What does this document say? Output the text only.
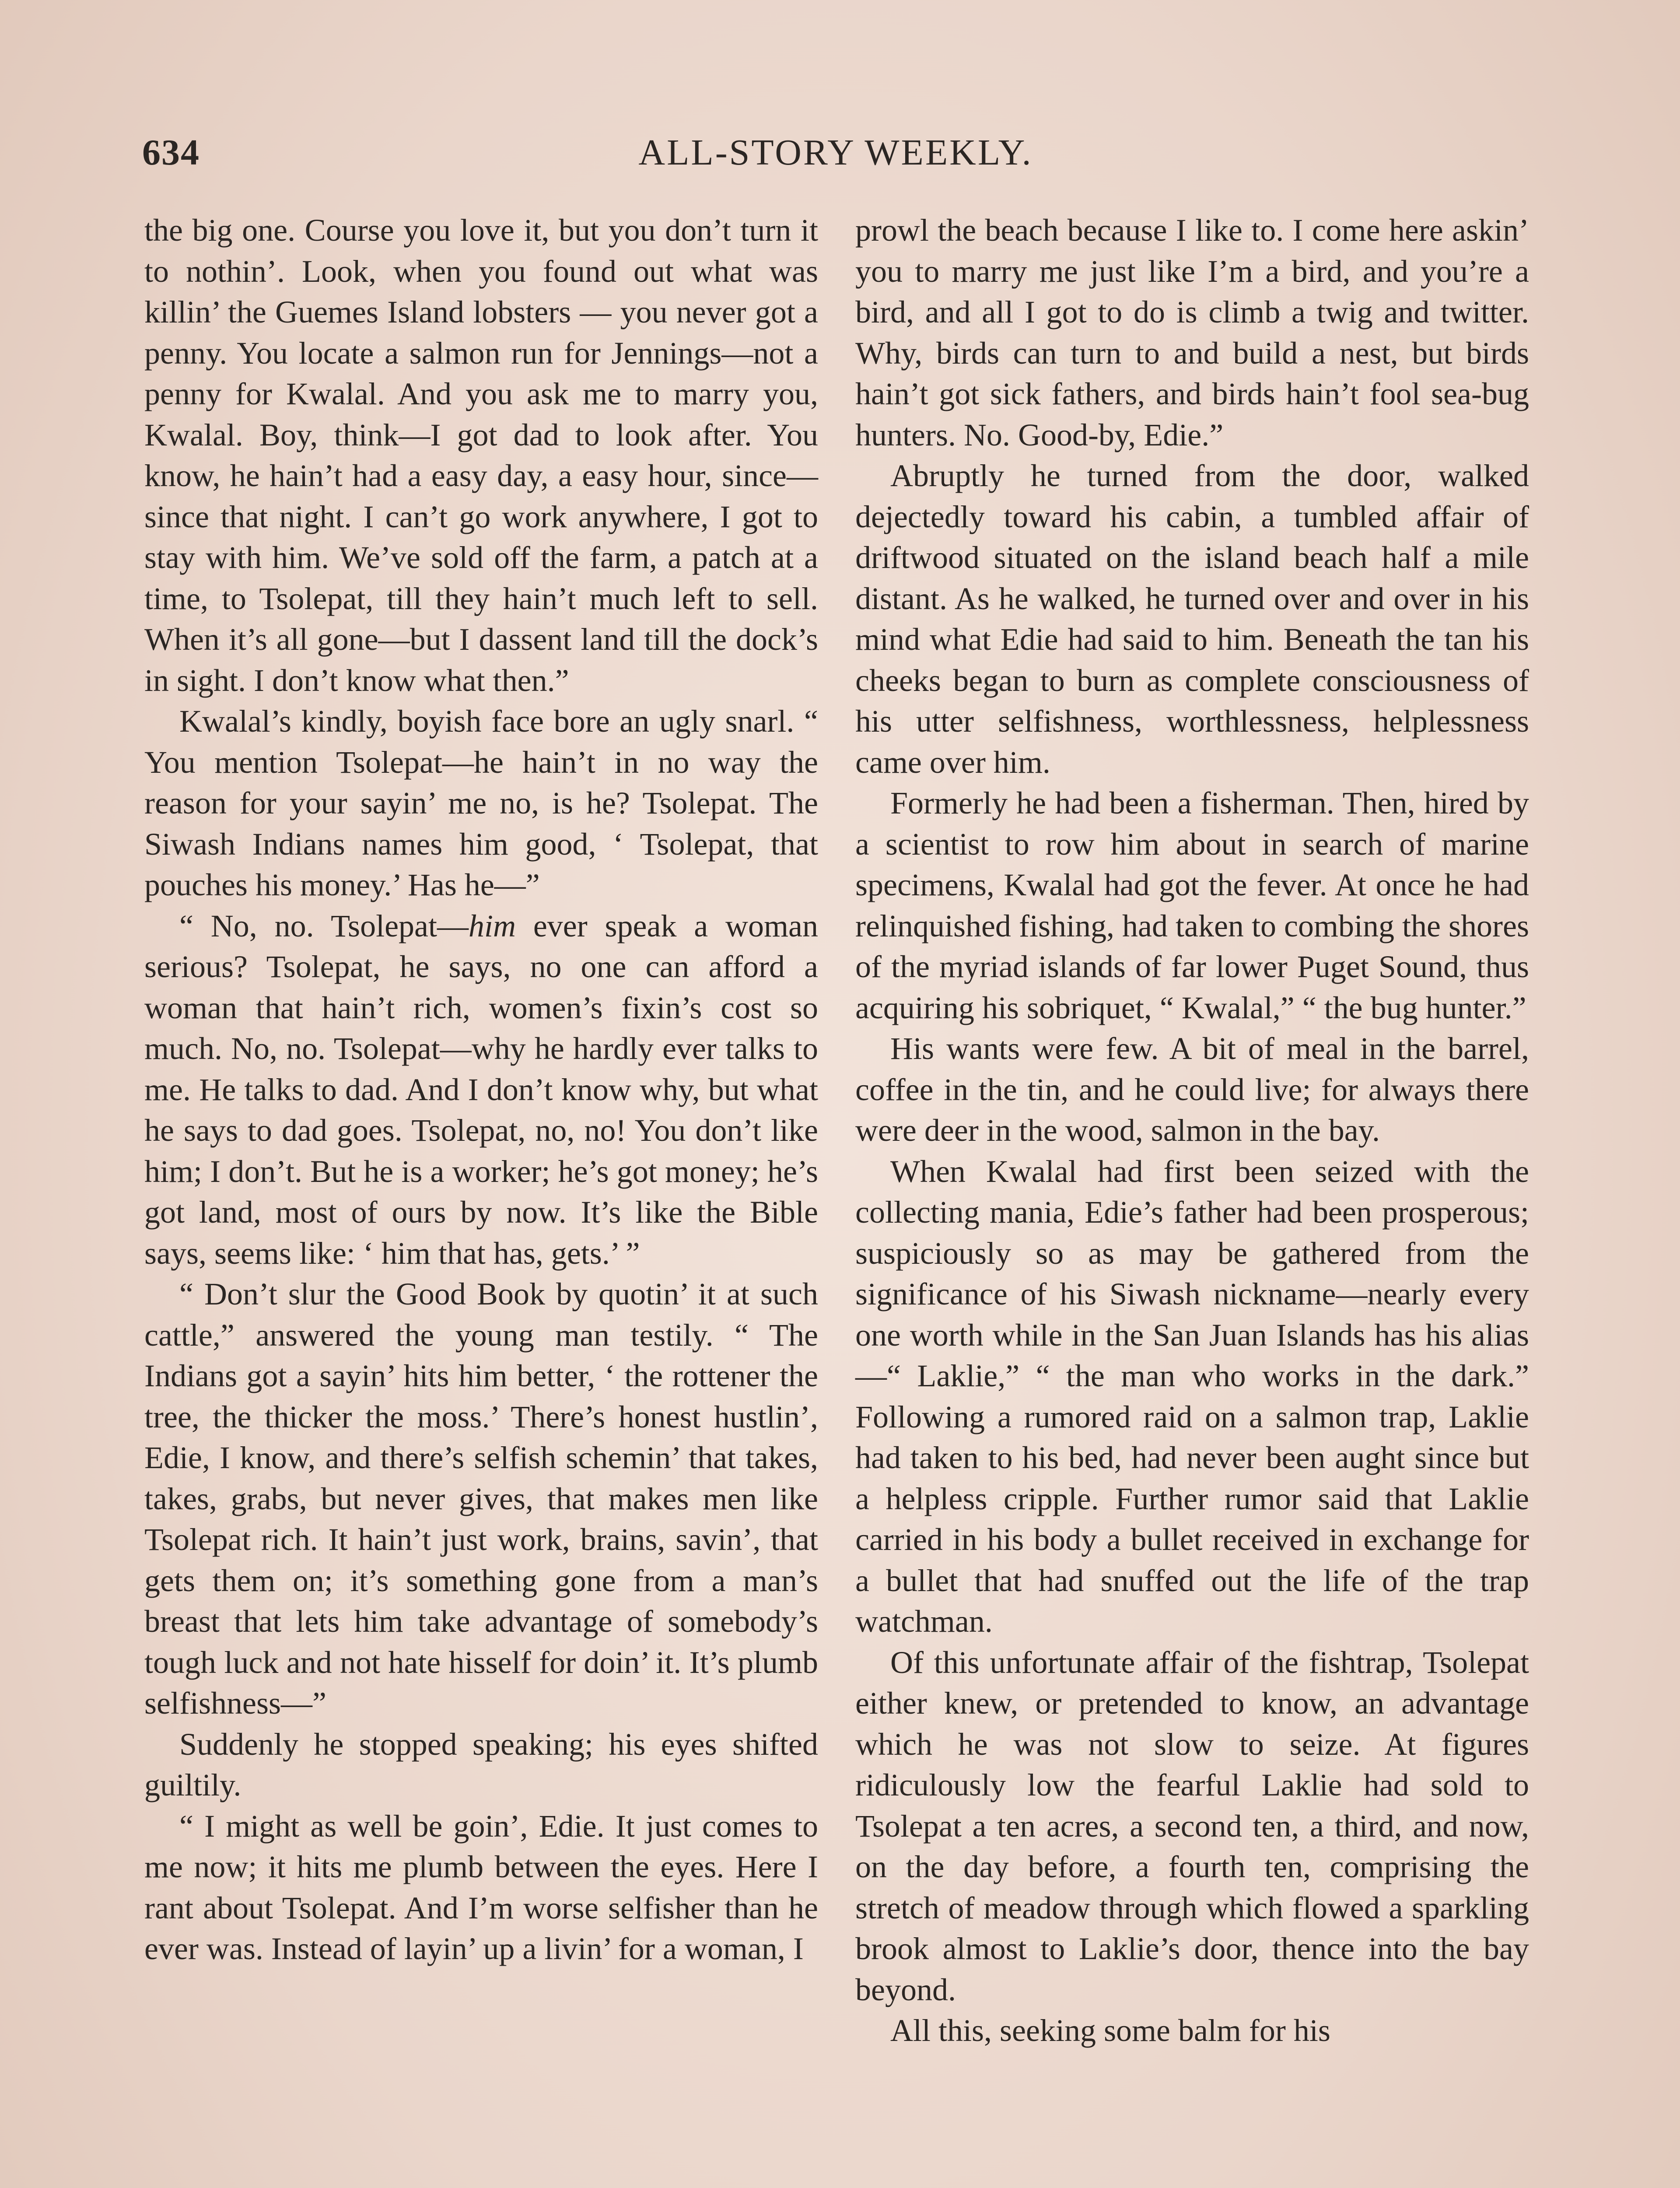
634	ALL-STORY WEEKLY.

the big one. Course you love it, but you don’t turn it to nothin’. Look, when you found out what was killin’ the Guemes Island lobsters — you never got a penny. You locate a salmon run for Jennings—not a penny for Kwalal. And you ask me to marry you, Kwalal. Boy, think—I got dad to look after. You know, he hain’t had a easy day, a easy hour, since—since that night. I can’t go work anywhere, I got to stay with him. We’ve sold off the farm, a patch at a time, to Tsolepat, till they hain’t much left to sell. When it’s all gone—but I dassent land till the dock’s in sight. I don’t know what then.”

Kwalal’s kindly, boyish face bore an ugly snarl. “ You mention Tsolepat—he hain’t in no way the reason for your sayin’ me no, is he? Tsolepat. The Siwash Indians names him good, ‘ Tsolepat, that pouches his money.’ Has he—”

“ No, no. Tsolepat—him ever speak a woman serious? Tsolepat, he says, no one can afford a woman that hain’t rich, women’s fixin’s cost so much. No, no. Tsolepat—why he hardly ever talks to me. He talks to dad. And I don’t know why, but what he says to dad goes. Tsolepat, no, no! You don’t like him; I don’t. But he is a worker; he’s got money; he’s got land, most of ours by now. It’s like the Bible says, seems like: ‘ him that has, gets.’ ”

“ Don’t slur the Good Book by quotin’ it at such cattle,” answered the young man testily. “ The Indians got a sayin’ hits him better, ‘ the rottener the tree, the thicker the moss.’ There’s honest hustlin’, Edie, I know, and there’s selfish schemin’ that takes, takes, grabs, but never gives, that makes men like Tsolepat rich. It hain’t just work, brains, savin’, that gets them on; it’s something gone from a man’s breast that lets him take advantage of somebody’s tough luck and not hate hisself for doin’ it. It’s plumb selfishness—”

Suddenly he stopped speaking; his eyes shifted guiltily.

“ I might as well be goin’, Edie. It just comes to me now; it hits me plumb between the eyes. Here I rant about Tsolepat. And I’m worse selfisher than he ever was. Instead of layin’ up a livin’ for a woman, I

prowl the beach because I like to. I come here askin’ you to marry me just like I’m a bird, and you’re a bird, and all I got to do is climb a twig and twitter. Why, birds can turn to and build a nest, but birds hain’t got sick fathers, and birds hain’t fool sea-bug hunters. No. Good-by, Edie.”

Abruptly he turned from the door, walked dejectedly toward his cabin, a tumbled affair of driftwood situated on the island beach half a mile distant. As he walked, he turned over and over in his mind what Edie had said to him. Beneath the tan his cheeks began to burn as complete consciousness of his utter selfishness, worthlessness, helplessness came over him.

Formerly he had been a fisherman. Then, hired by a scientist to row him about in search of marine specimens, Kwalal had got the fever. At once he had relinquished fishing, had taken to combing the shores of the myriad islands of far lower Puget Sound, thus acquiring his sobriquet, “ Kwalal,” “ the bug hunter.”

His wants were few. A bit of meal in the barrel, coffee in the tin, and he could live; for always there were deer in the wood, salmon in the bay.

When Kwalal had first been seized with the collecting mania, Edie’s father had been prosperous; suspiciously so as may be gathered from the significance of his Siwash nickname—nearly every one worth while in the San Juan Islands has his alias—“ Laklie,” “ the man who works in the dark.” Following a rumored raid on a salmon trap, Laklie had taken to his bed, had never been aught since but a helpless cripple. Further rumor said that Laklie carried in his body a bullet received in exchange for a bullet that had snuffed out the life of the trap watchman.

Of this unfortunate affair of the fishtrap, Tsolepat either knew, or pretended to know, an advantage which he was not slow to seize. At figures ridiculously low the fearful Laklie had sold to Tsolepat a ten acres, a second ten, a third, and now, on the day before, a fourth ten, comprising the stretch of meadow through which flowed a sparkling brook almost to Laklie’s door, thence into the bay beyond.

All this, seeking some balm for his
